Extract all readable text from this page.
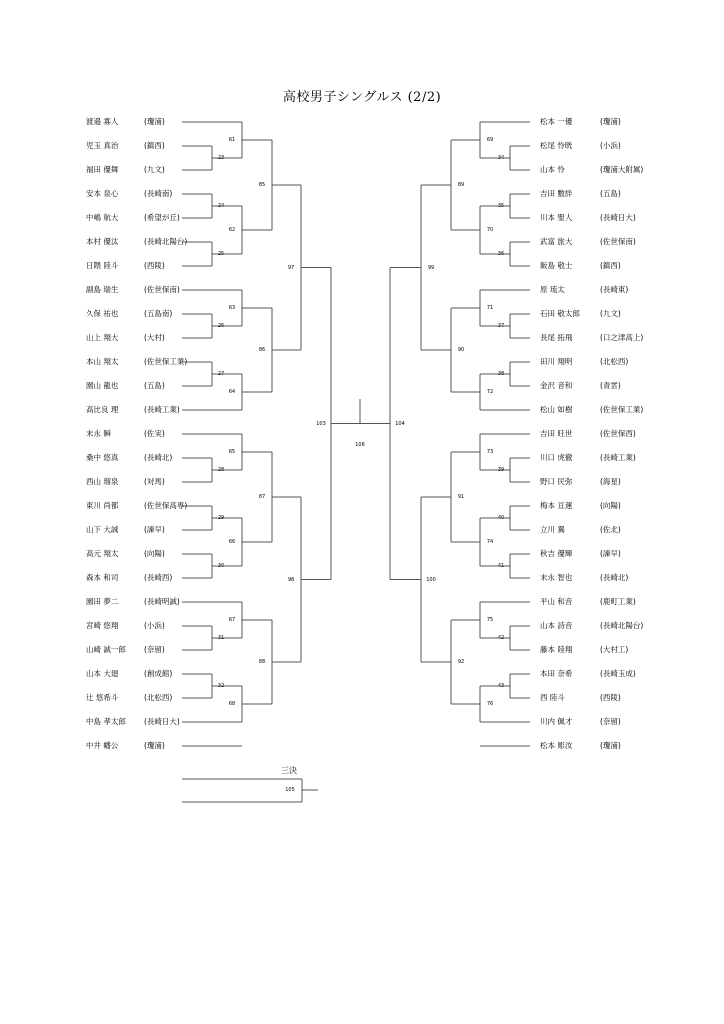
高校男子シングルス (2/2)
渡邉 寡人	(瓊浦)
児玉 真治	(鎮西)
福田 優舞	(九文)
安本 泉心	(長崎南)
中嶋 航大	(希望が丘)
本村 優汰	(長崎北陽台)
日隈 陸斗	(西陵)
副島 瑞生	(佐世保南)
久保 祐也	(五島南)
山上 翔大	(大村)
本山 翔太	(佐世保工業)
園山 龍也	(五島)
高比良 理	(長崎工業)
末永 瞬	(佐実)
桑中 悠真	(長崎北)
西山 瑠泉	(対馬)
東川 尚都	(佐世保高専)
山下 大誠	(諫早)
高元 翔太	(向陽)
森本 和司	(長崎西)
園田 夢二	(長崎明誠)
宮崎 悠翔	(小浜)
山崎 誠一郎 (奈留)
山本 大廻	(創成館)
辻 悠希斗	(北松西)
中島 孝太郎 (長崎日大)
中井 幡公	(瓊浦)
松本 一優	(瓊浦)
松尾 怜晄	(小浜)
山本 怜	(瓊浦大附属)
吉田 數絆	(五島)
川本 聖人	(長崎日大)
武富 旅大	(佐世保南)
飯島 敬士	(鎮西)
原 琉太	(長崎東)
石田 敬太郎	(九文)
長尾 拓飛	(口之津高上)
田川 翔明	(北松西)
金沢 音和	(青雲)
松山 如樹	(佐世保工業)
吉田 旺世	(佐世保西)
川口 虎徹	(長崎工業)
野口 民弥	(海星)
梅本 亘運	(向陽)
立川 翼	(佐北)
秋吉 優輝	(諫早)
末永 智也	(長崎北)
平山 和音	(鹿町工業)
山本 詩音	(長崎北陽台)
藤本 陸翔	(大村工)
本田 奈希	(長崎玉成)
西 陸斗	(西陵)
川内 佩才	(奈留)
松本 彫汝	(瓊浦)
23
61
24
25
62
26
63
27
64
28
65
29
30
66
31
67
32
68
85
86
87
88
97
98
103
34
69
35
36
70
37
71
38
72
39
73
40
41
74
42
75
43
76
89
90
91
92
99
100
104
106
105
三決
